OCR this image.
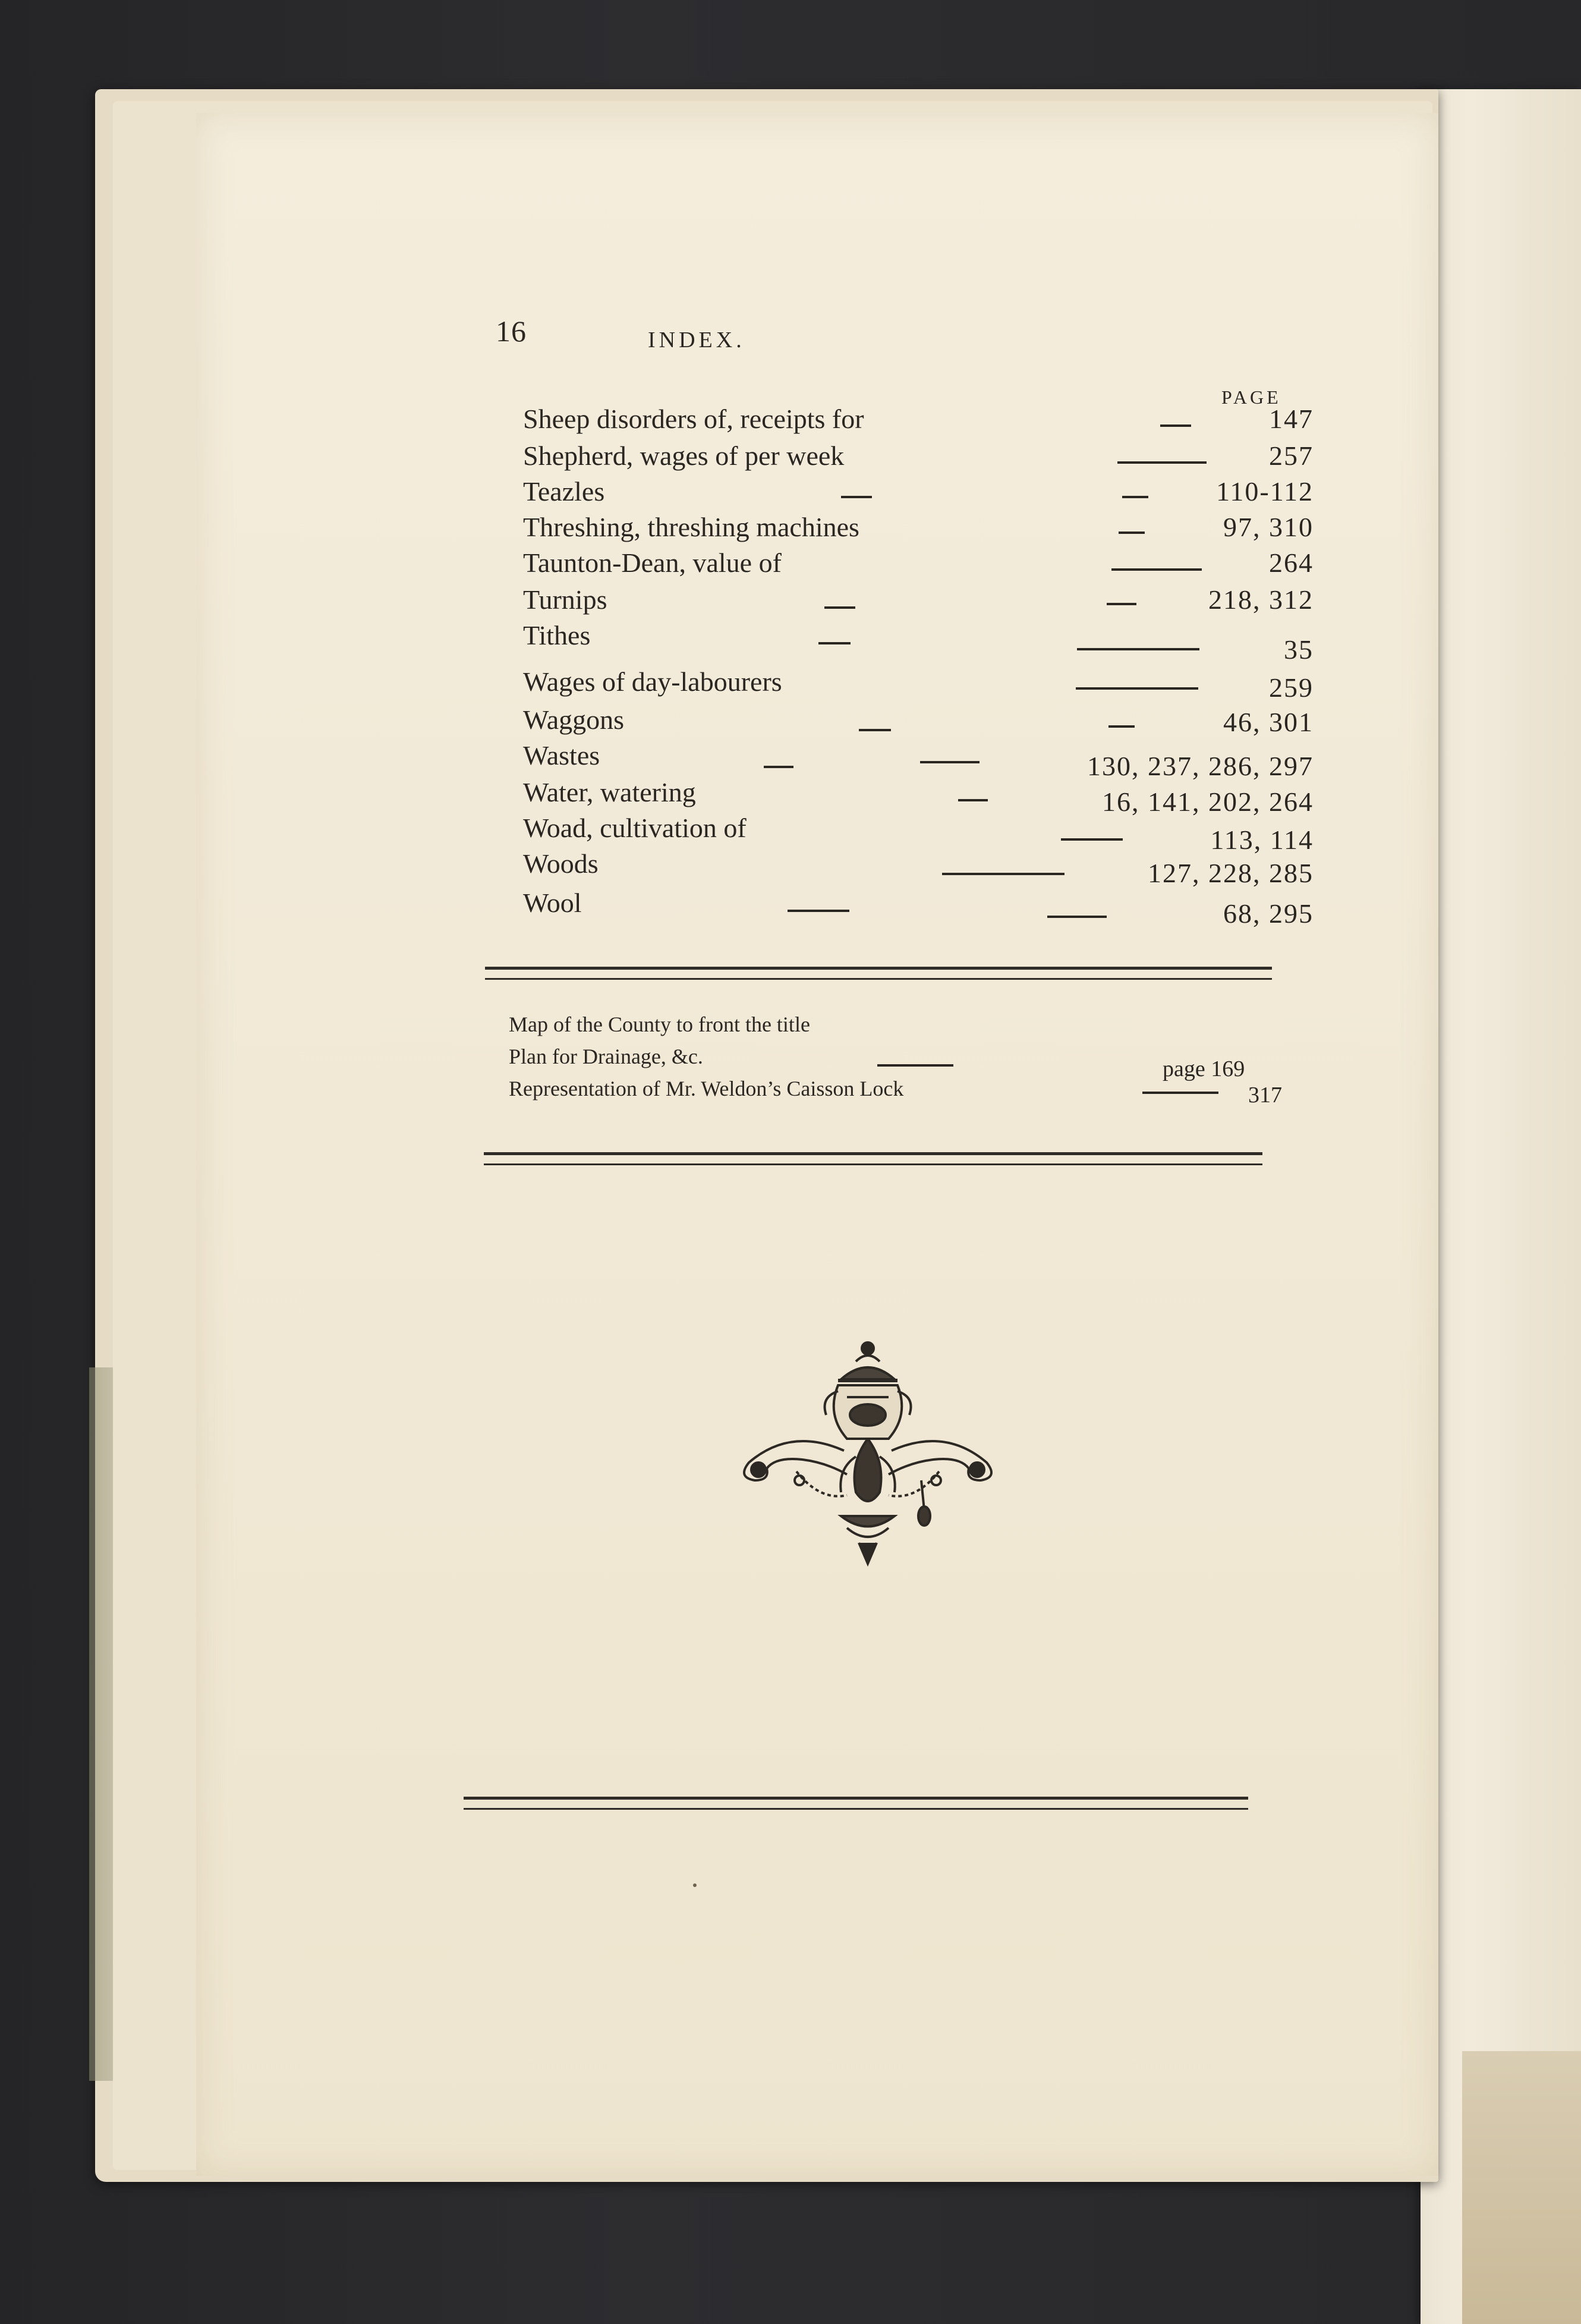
16	INDEX.
PAGE
Sheep disorders of, receipts for	147
Shepherd, wages of per week	257
Teazles	110-112
Threshing, threshing machines	97, 310
Taunton-Dean, value of	264
Turnips	218, 312
Tithes	35
Wages of day-labourers	259
Waggons	46, 301
Wastes	130, 237, 286, 297
Water, watering	16, 141, 202, 264
Woad, cultivation of	113, 114
Woods	127, 228, 285
Wool	68, 295
Map of the County to front the title
Plan for Drainage, &c.	page 169
Representation of Mr. Weldon’s Caisson Lock	317
